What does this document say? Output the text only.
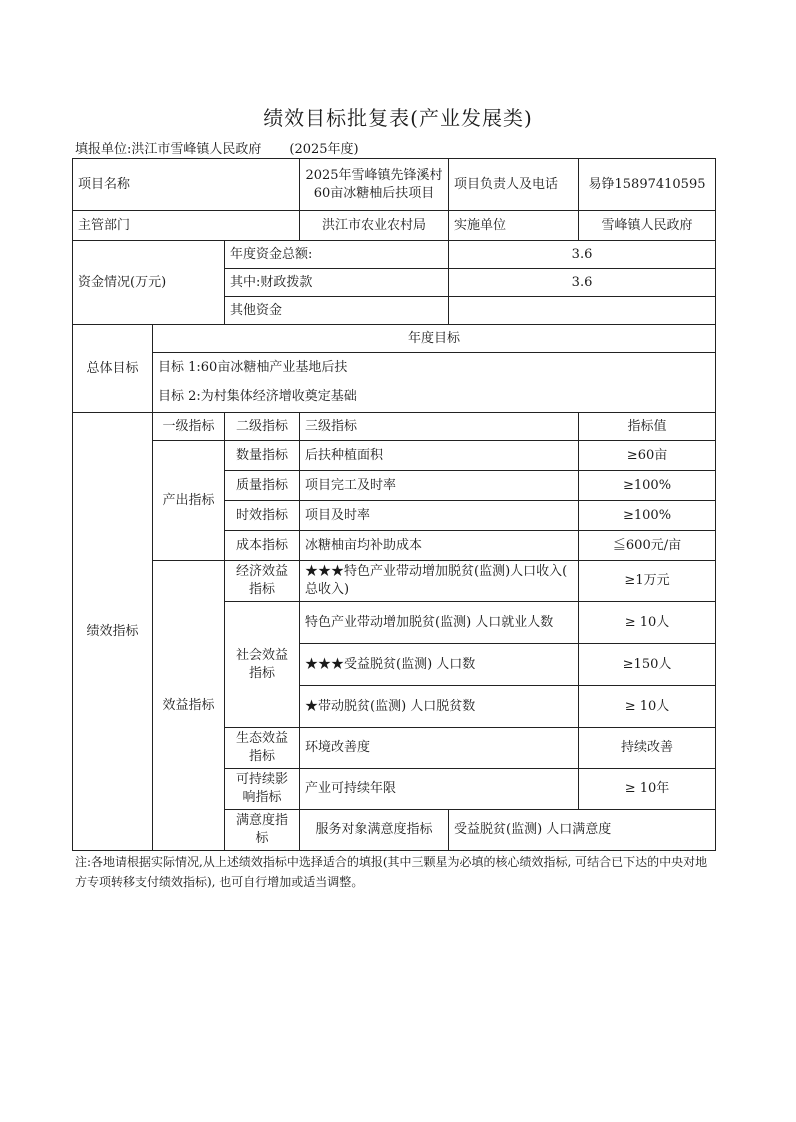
绩效目标批复表(产业发展类)
填报单位:洪江市雪峰镇人民政府 (2025年度)
项目名称			2025年雪峰镇先锋溪村60亩冰糖柚后扶项目	项目负责人及电话	易铮15897410595	
主管部门			洪江市农业农村局	实施单位	雪峰镇人民政府	
资金情况(万元)		年度资金总额:		3.6		
		其中:财政拨款		3.6		
		其他资金				
总体目标	年度目标					
	目标 1:60亩冰糖柚产业基地后扶					
	目标 2:为村集体经济增收奠定基础					
绩效指标	一级指标	二级指标	三级指标		指标值	
	产出指标	数量指标	后扶种植面积		≥60亩	
		质量指标	项目完工及时率		≥100%	
		时效指标	项目及时率		≥100%	
		成本指标	冰糖柚亩均补助成本		≦600元/亩	
	效益指标	经济效益指标	★★★特色产业带动增加脱贫(监测)人口收入( 总收入)		≥1万元	
		社会效益指标	特色产业带动增加脱贫(监测) 人口就业人数		≥ 10人	
			★★★受益脱贫(监测) 人口数		≥150人	
			★带动脱贫(监测) 人口脱贫数		≥ 10人	
		生态效益指标	环境改善度		持续改善	
		可持续影响指标	产业可持续年限		≥ 10年	
		满意度指标	服务对象满意度指标	受益脱贫(监测) 人口满意度	
注:各地请根据实际情况,从上述绩效指标中选择适合的填报(其中三颗星为必填的核心绩效指标, 可结合已下达的中央对地方专项转移支付绩效指标), 也可自行增加或适当调整。
